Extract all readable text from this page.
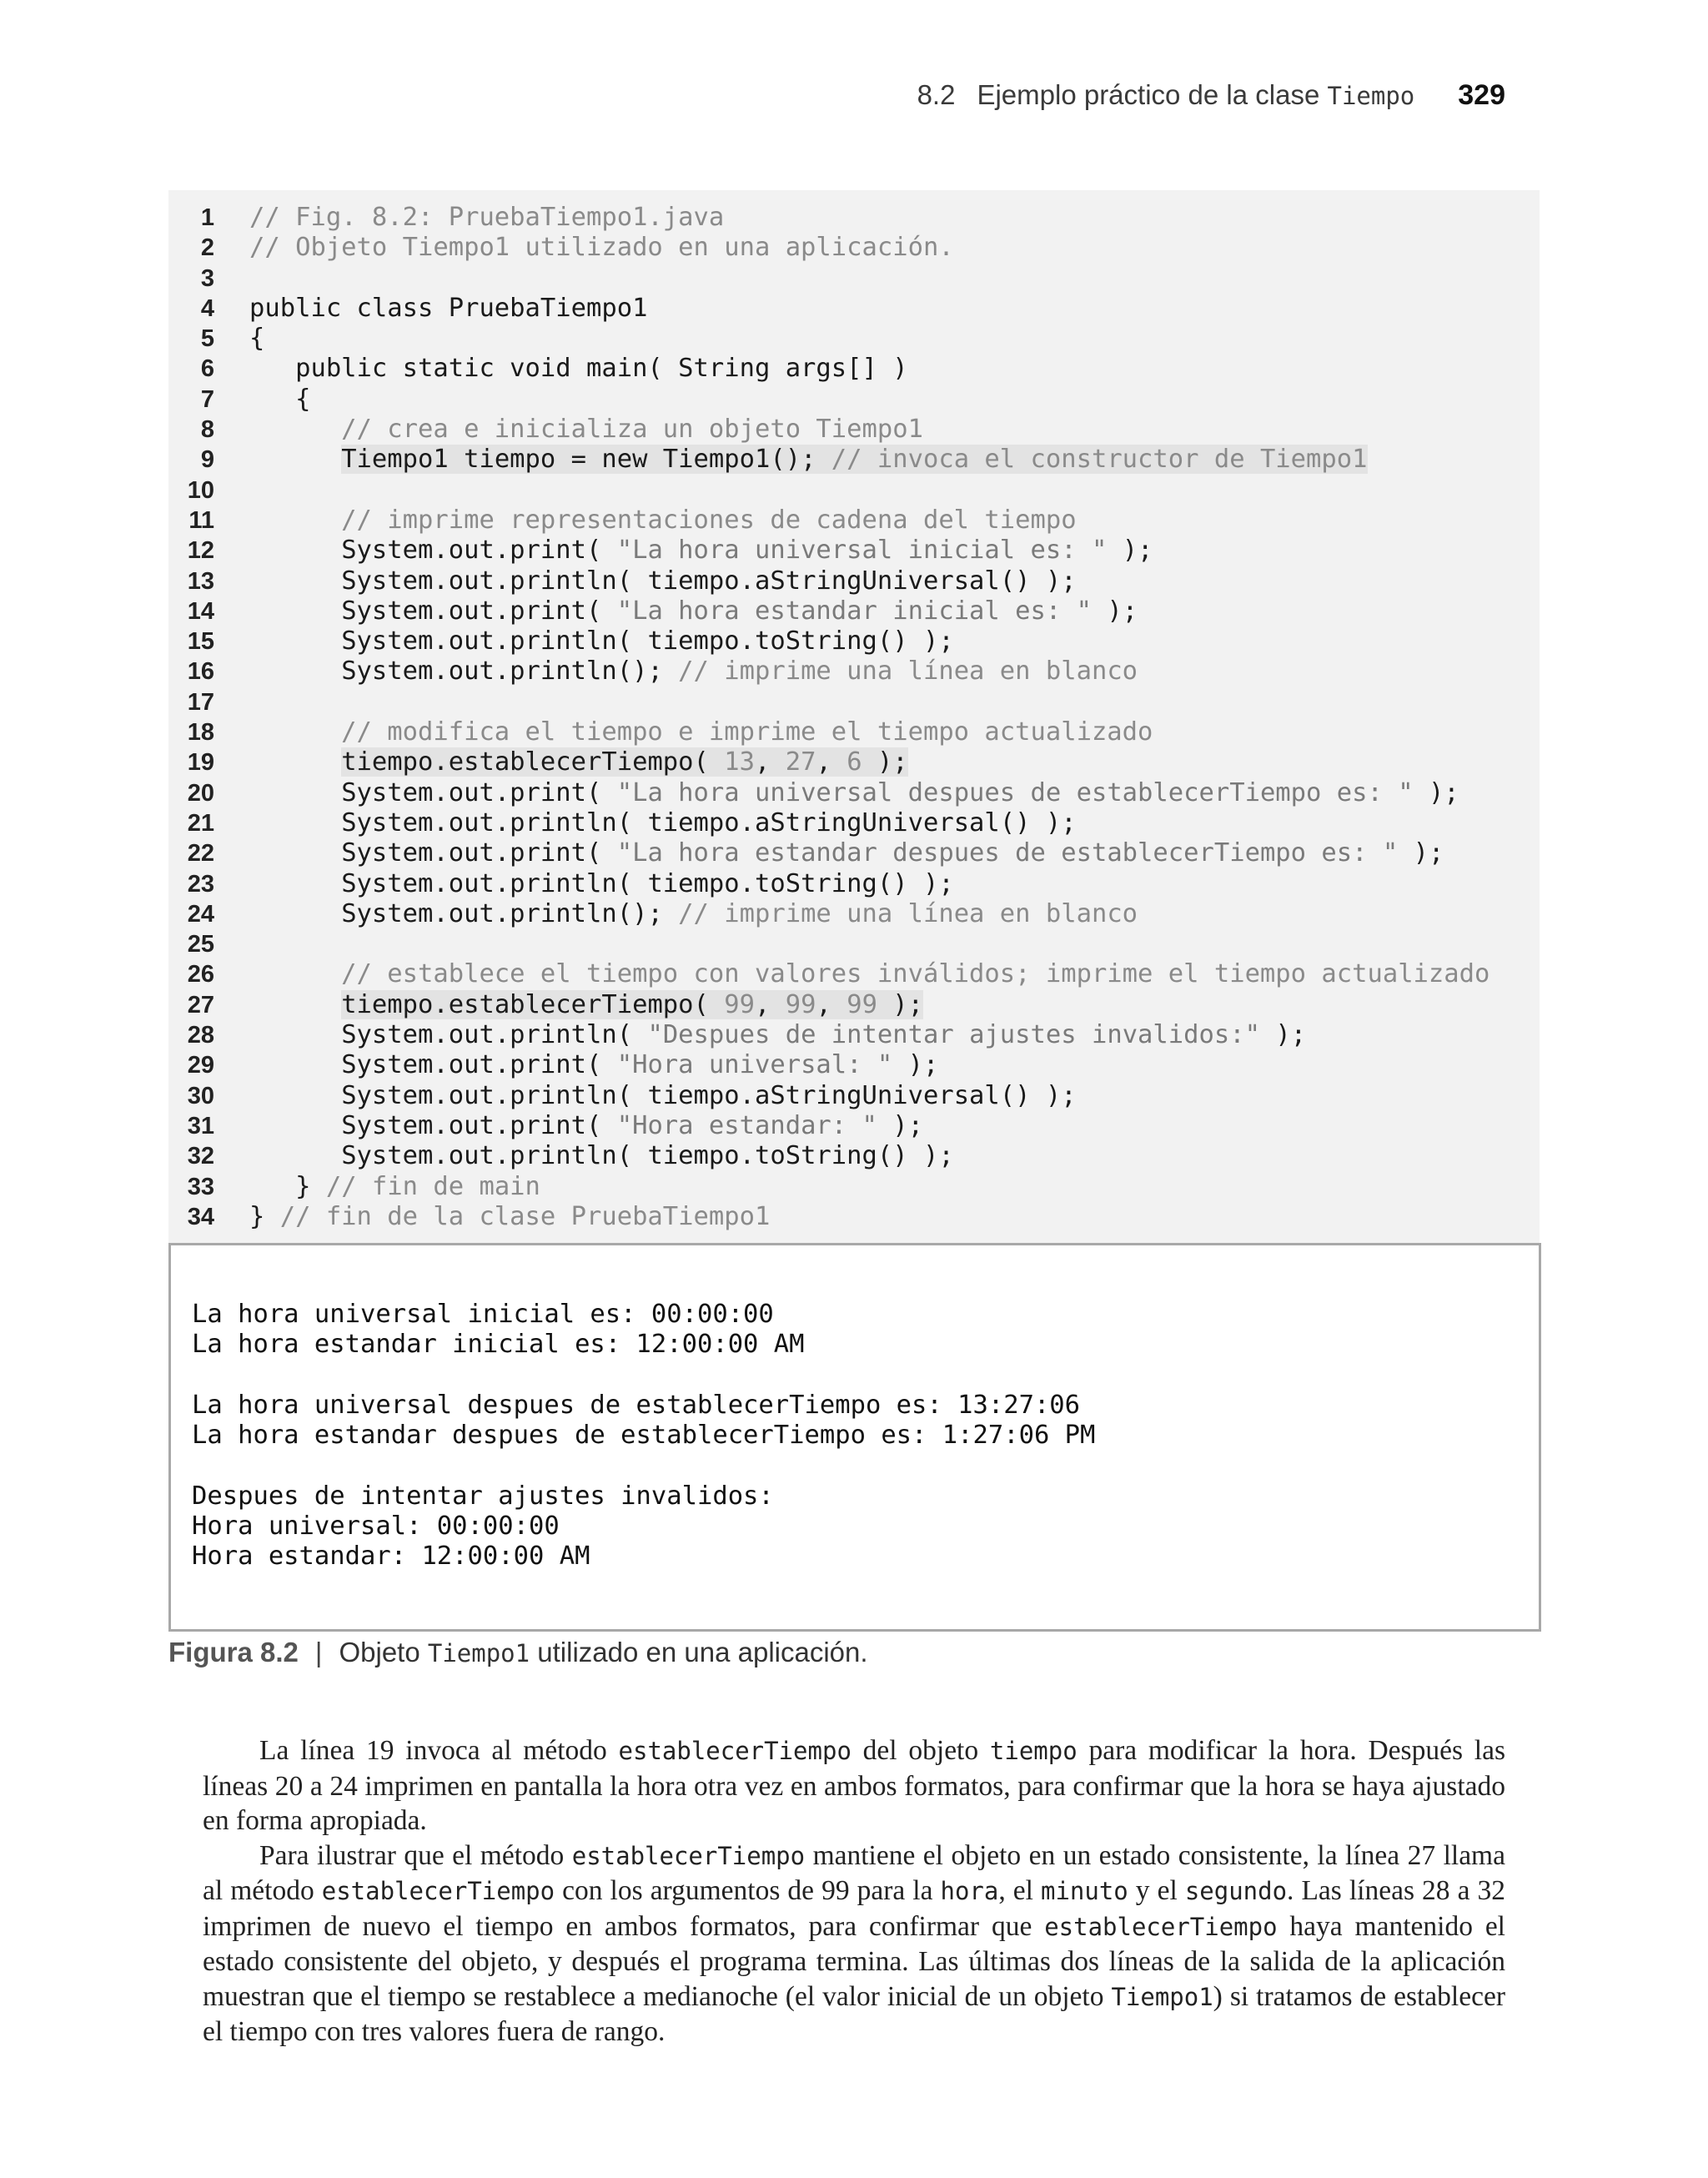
8.2 Ejemplo práctico de la clase Tiempo 329
1 // Fig. 8.2: PruebaTiempo1.java
2 // Objeto Tiempo1 utilizado en una aplicación.
3
4 public class PruebaTiempo1
5 {
6	public static void main( String args[] )
7	{
8 // crea e inicializa un objeto Tiempo1
9	Tiempo1 tiempo = new Tiempo1(); // invoca el constructor de Tiempo1
10
11 // imprime representaciones de cadena del tiempo
12	System.out.print( "La hora universal inicial es: " );
13	System.out.println( tiempo.aStringUniversal() );
14	System.out.print( "La hora estandar inicial es: " );
15	System.out.println( tiempo.toString() );
16	System.out.println(); // imprime una línea en blanco
17
18 // modifica el tiempo e imprime el tiempo actualizado
19	tiempo.establecerTiempo( 13, 27, 6 );
20	System.out.print( "La hora universal despues de establecerTiempo es: " );
21	System.out.println( tiempo.aStringUniversal() );
22	System.out.print( "La hora estandar despues de establecerTiempo es: " );
23	System.out.println( tiempo.toString() );
24	System.out.println(); // imprime una línea en blanco
25
26 // establece el tiempo con valores inválidos; imprime el tiempo actualizado
27	tiempo.establecerTiempo( 99, 99, 99 );
28	System.out.println( "Despues de intentar ajustes invalidos:" );
29	System.out.print( "Hora universal: " );
30	System.out.println( tiempo.aStringUniversal() );
31	System.out.print( "Hora estandar: " );
32	System.out.println( tiempo.toString() );
33	} // fin de main
34 } // fin de la clase PruebaTiempo1
La hora universal inicial es: 00:00:00
La hora estandar inicial es: 12:00:00 AM
La hora universal despues de establecerTiempo es: 13:27:06
La hora estandar despues de establecerTiempo es: 1:27:06 PM
Despues de intentar ajustes invalidos:
Hora universal: 00:00:00
Hora estandar: 12:00:00 AM
Figura 8.2 | Objeto Tiempo1 utilizado en una aplicación.

La línea 19 invoca al método establecerTiempo del objeto tiempo para modificar la hora. Después las líneas 20 a 24 imprimen en pantalla la hora otra vez en ambos formatos, para confirmar que la hora se haya ajustado en forma apropiada.

Para ilustrar que el método establecerTiempo mantiene el objeto en un estado consistente, la línea 27 llama al método establecerTiempo con los argumentos de 99 para la hora, el minuto y el segundo. Las líneas 28 a 32 imprimen de nuevo el tiempo en ambos formatos, para confirmar que establecerTiempo haya mantenido el estado consistente del objeto, y después el programa termina. Las últimas dos líneas de la salida de la aplicación muestran que el tiempo se restablece a medianoche (el valor inicial de un objeto Tiempo1) si tratamos de establecer el tiempo con tres valores fuera de rango.
